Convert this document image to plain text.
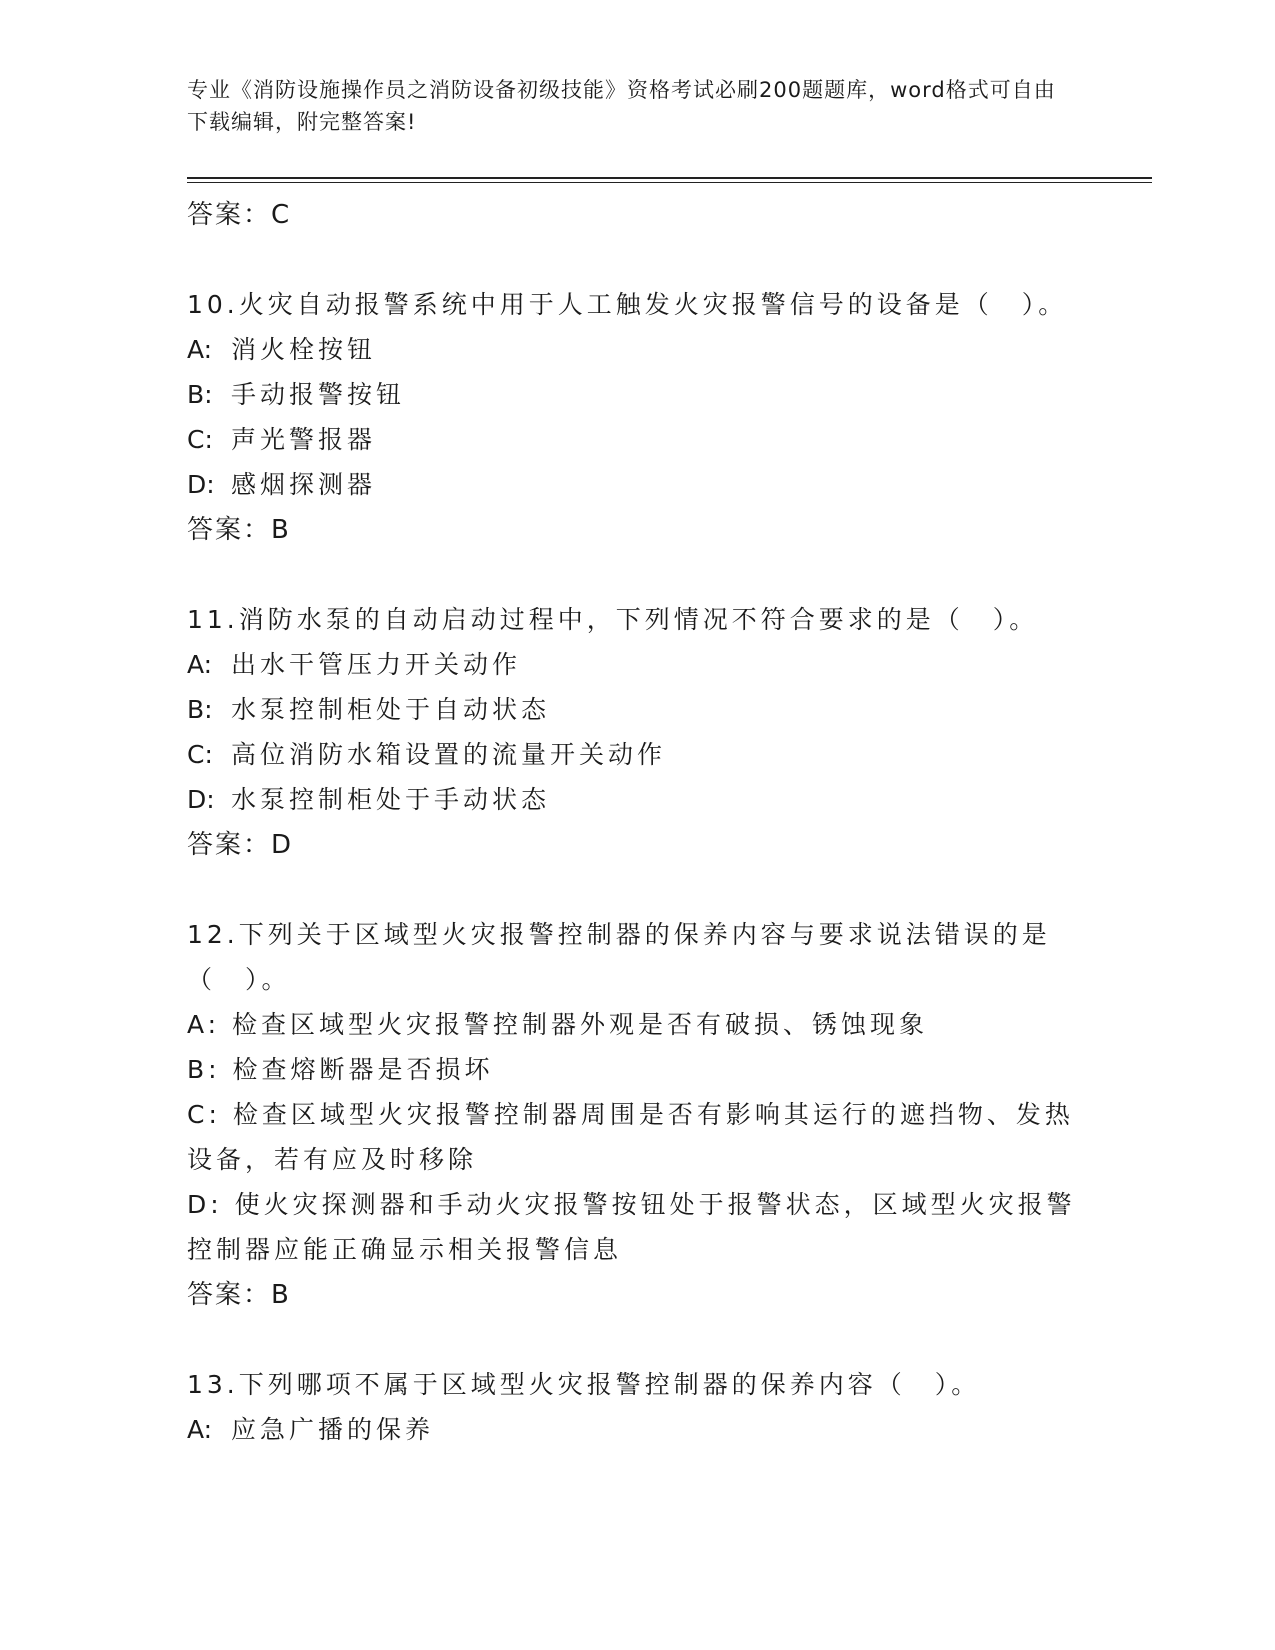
专业《消防设施操作员之消防设备初级技能》资格考试必刷200题题库，word格式可自由下载编辑，附完整答案!
答案：C
10.火灾自动报警系统中用于人工触发火灾报警信号的设备是（　）。
A: 消火栓按钮
B: 手动报警按钮
C: 声光警报器
D: 感烟探测器
答案：B
11.消防水泵的自动启动过程中，下列情况不符合要求的是（　）。
A: 出水干管压力开关动作
B: 水泵控制柜处于自动状态
C: 高位消防水箱设置的流量开关动作
D: 水泵控制柜处于手动状态
答案：D
12.下列关于区域型火灾报警控制器的保养内容与要求说法错误的是（　）。
A: 检查区域型火灾报警控制器外观是否有破损、锈蚀现象
B: 检查熔断器是否损坏
C: 检查区域型火灾报警控制器周围是否有影响其运行的遮挡物、发热设备，若有应及时移除
D: 使火灾探测器和手动火灾报警按钮处于报警状态，区域型火灾报警控制器应能正确显示相关报警信息
答案：B
13.下列哪项不属于区域型火灾报警控制器的保养内容（　）。
A: 应急广播的保养
